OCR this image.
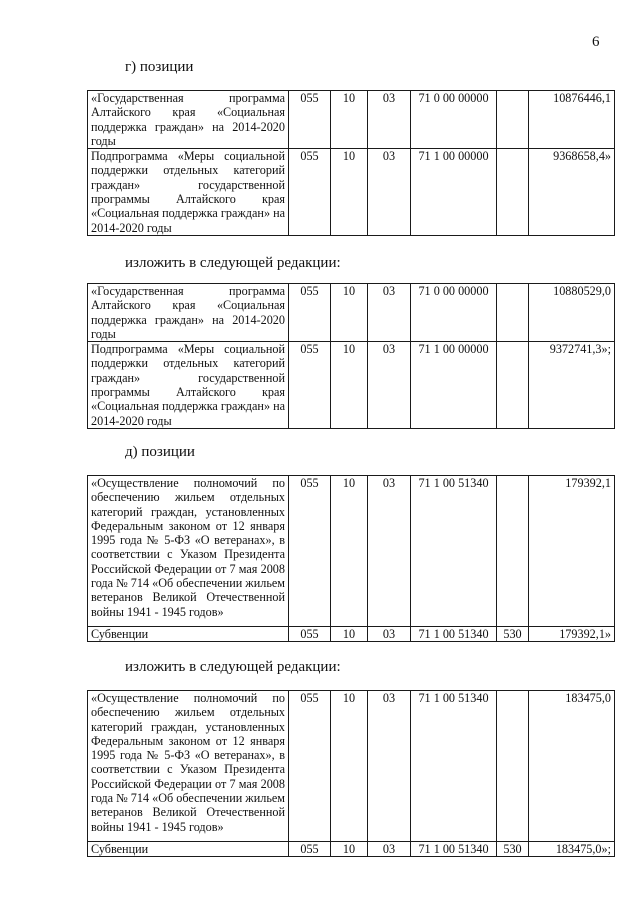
6
г) позиции
«Государственная программа Алтайского края «Социальная поддержка граждан» на 2014-2020 годы	055	10	03	71 0 00 00000		10876446,1
Подпрограмма «Меры социальной поддержки отдельных категорий граждан» государственной программы Алтайского края «Социальная поддержка граждан» на 2014-2020 годы	055	10	03	71 1 00 00000		9368658,4»
изложить в следующей редакции:
«Государственная программа Алтайского края «Социальная поддержка граждан» на 2014-2020 годы	055	10	03	71 0 00 00000		10880529,0
Подпрограмма «Меры социальной поддержки отдельных категорий граждан» государственной программы Алтайского края «Социальная поддержка граждан» на 2014-2020 годы	055	10	03	71 1 00 00000		9372741,3»;
д) позиции
«Осуществление полномочий по обеспечению жильем отдельных категорий граждан, установленных Федеральным законом от 12 января 1995 года № 5-ФЗ «О ветеранах», в соответствии с Указом Президента Российской Федерации от 7 мая 2008 года № 714 «Об обеспечении жильем ветеранов Великой Отечественной войны 1941 - 1945 годов»	055	10	03	71 1 00 51340		179392,1
Субвенции	055	10	03	71 1 00 51340	530	179392,1»
изложить в следующей редакции:
«Осуществление полномочий по обеспечению жильем отдельных категорий граждан, установленных Федеральным законом от 12 января 1995 года № 5-ФЗ «О ветеранах», в соответствии с Указом Президента Российской Федерации от 7 мая 2008 года № 714 «Об обеспечении жильем ветеранов Великой Отечественной войны 1941 - 1945 годов»	055	10	03	71 1 00 51340		183475,0
Субвенции	055	10	03	71 1 00 51340	530	183475,0»;
